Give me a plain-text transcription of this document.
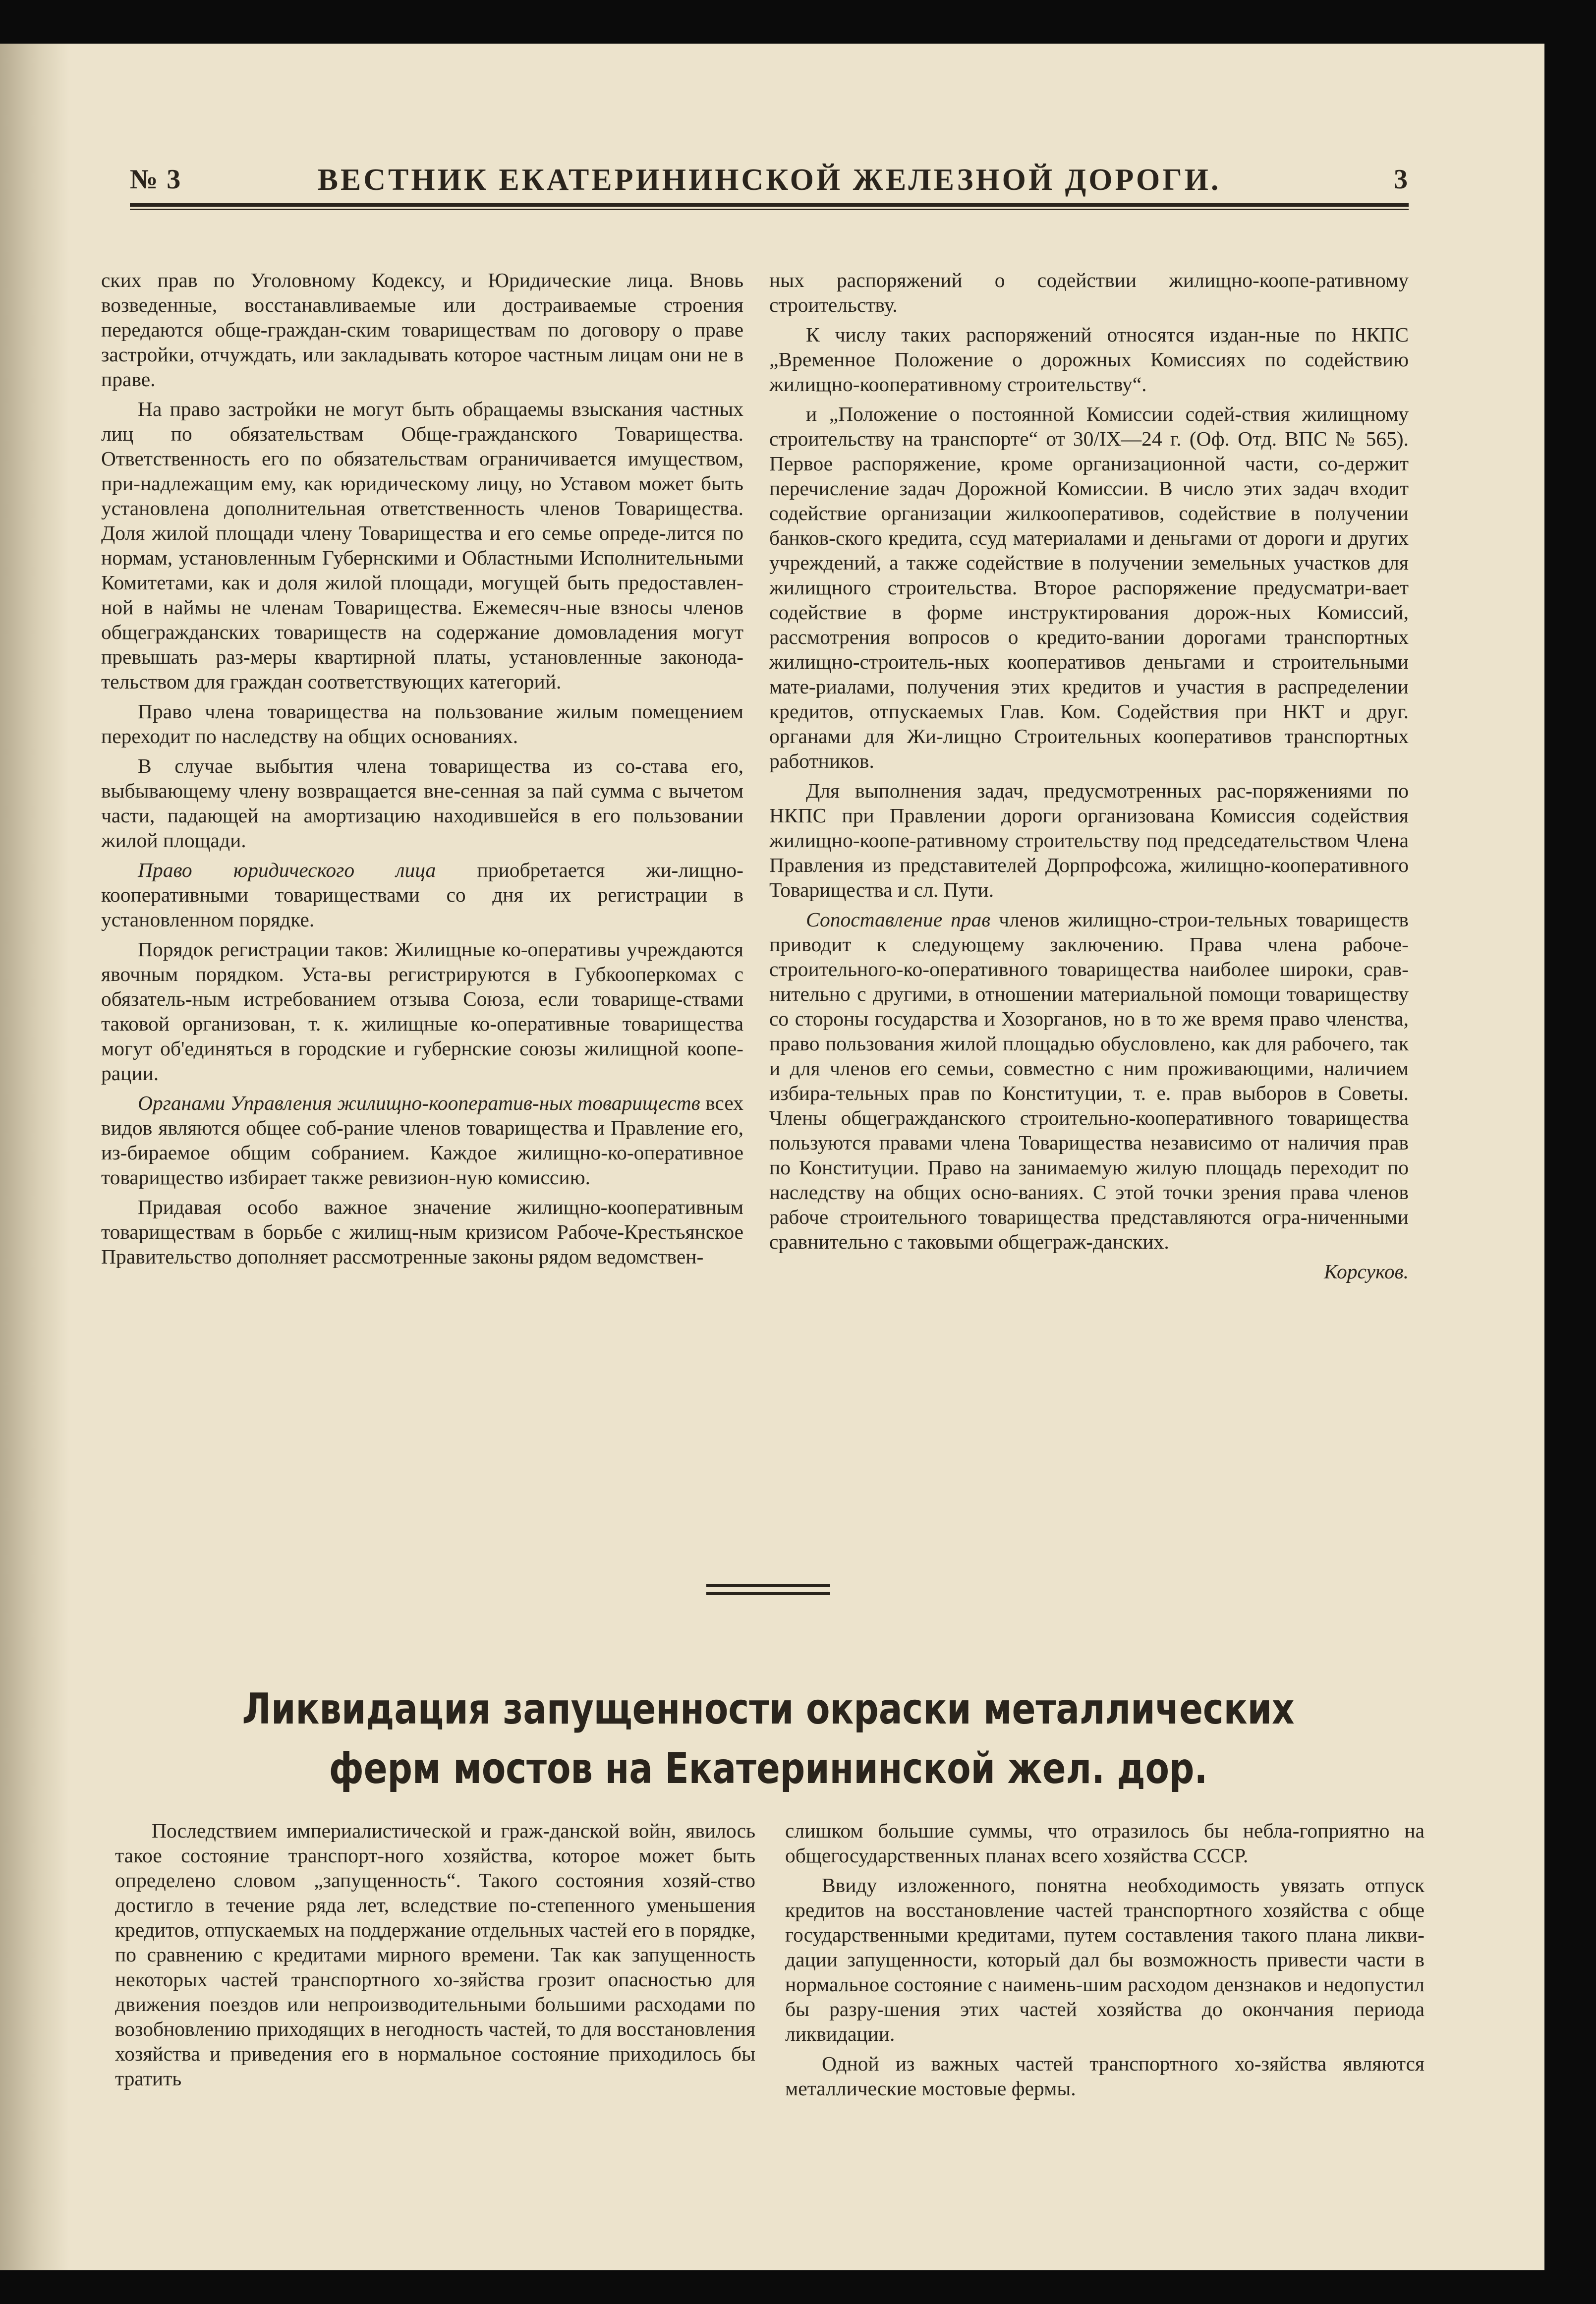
№ 3	ВЕСТНИК ЕКАТЕРИНИНСКОЙ ЖЕЛЕЗНОЙ ДОРОГИ.	3

ских прав по Уголовному Кодексу, и Юридические лица. Вновь возведенные, восстанавливаемые или достраиваемые строения передаются обще-граждан-ским товариществам по договору о праве застройки, отчуждать, или закладывать которое частным лицам они не в праве.

На право застройки не могут быть обращаемы взыскания частных лиц по обязательствам Обще-гражданского Товарищества. Ответственность его по обязательствам ограничивается имуществом, при-надлежащим ему, как юридическому лицу, но Уставом может быть установлена дополнительная ответственность членов Товарищества. Доля жилой площади члену Товарищества и его семье опреде-лится по нормам, установленным Губернскими и Областными Исполнительными Комитетами, как и доля жилой площади, могущей быть предоставлен-ной в наймы не членам Товарищества. Ежемесяч-ные взносы членов общегражданских товариществ на содержание домовладения могут превышать раз-меры квартирной платы, установленные законода-тельством для граждан соответствующих категорий.

Право члена товарищества на пользование жилым помещением переходит по наследству на общих основаниях.

В случае выбытия члена товарищества из со-става его, выбывающему члену возвращается вне-сенная за пай сумма с вычетом части, падающей на амортизацию находившейся в его пользовании жилой площади.

Право юридического лица приобретается жи-лищно-кооперативными товариществами со дня их регистрации в установленном порядке.

Порядок регистрации таков: Жилищные ко-оперативы учреждаются явочным порядком. Уста-вы регистрируются в Губкооперкомах с обязатель-ным истребованием отзыва Союза, если товарище-ствами таковой организован, т. к. жилищные ко-оперативные товарищества могут об'единяться в городские и губернские союзы жилищной коопе-рации.

Органами Управления жилищно-кооператив-ных товариществ всех видов являются общее соб-рание членов товарищества и Правление его, из-бираемое общим собранием. Каждое жилищно-ко-оперативное товарищество избирает также ревизион-ную комиссию.

Придавая особо важное значение жилищно-кооперативным товариществам в борьбе с жилищ-ным кризисом Рабоче-Крестьянское Правительство дополняет рассмотренные законы рядом ведомствен-

ных распоряжений о содействии жилищно-коопе-ративному строительству.

К числу таких распоряжений относятся издан-ные по НКПС „Временное Положение о дорожных Комиссиях по содействию жилищно-кооперативному строительству“.

и „Положение о постоянной Комиссии содей-ствия жилищному строительству на транспорте“ от 30/IX—24 г. (Оф. Отд. ВПС № 565). Первое распоряжение, кроме организационной части, со-держит перечисление задач Дорожной Комиссии. В число этих задач входит содействие организации жилкооперативов, содействие в получении банков-ского кредита, ссуд материалами и деньгами от дороги и других учреждений, а также содействие в получении земельных участков для жилищного строительства. Второе распоряжение предусматри-вает содействие в форме инструктирования дорож-ных Комиссий, рассмотрения вопросов о кредито-вании дорогами транспортных жилищно-строитель-ных кооперативов деньгами и строительными мате-риалами, получения этих кредитов и участия в распределении кредитов, отпускаемых Глав. Ком. Содействия при НКТ и друг. органами для Жи-лищно Строительных кооперативов транспортных работников.

Для выполнения задач, предусмотренных рас-поряжениями по НКПС при Правлении дороги организована Комиссия содействия жилищно-коопе-ративному строительству под председательством Члена Правления из представителей Дорпрофсожа, жилищно-кооперативного Товарищества и сл. Пути.

Сопоставление прав членов жилищно-строи-тельных товариществ приводит к следующему заключению. Права члена рабоче-строительного-ко-оперативного товарищества наиболее широки, срав-нительно с другими, в отношении материальной помощи товариществу со стороны государства и Хозорганов, но в то же время право членства, право пользования жилой площадью обусловлено, как для рабочего, так и для членов его семьи, совместно с ним проживающими, наличием избира-тельных прав по Конституции, т. е. прав выборов в Советы. Члены общегражданского строительно-кооперативного товарищества пользуются правами члена Товарищества независимо от наличия прав по Конституции. Право на занимаемую жилую площадь переходит по наследству на общих осно-ваниях. С этой точки зрения права членов рабоче строительного товарищества представляются огра-ниченными сравнительно с таковыми общеграж-данских.

Корсуков.

Ликвидация запущенности окраски металлических ферм мостов на Екатерининской жел. дор.

Последствием империалистической и граж-данской войн, явилось такое состояние транспорт-ного хозяйства, которое может быть определено словом „запущенность“. Такого состояния хозяй-ство достигло в течение ряда лет, вследствие по-степенного уменьшения кредитов, отпускаемых на поддержание отдельных частей его в порядке, по сравнению с кредитами мирного времени. Так как запущенность некоторых частей транспортного хо-зяйства грозит опасностью для движения поездов или непроизводительными большими расходами по возобновлению приходящих в негодность частей, то для восстановления хозяйства и приведения его в нормальное состояние приходилось бы тратить

слишком большие суммы, что отразилось бы небла-гоприятно на общегосударственных планах всего хозяйства СССР.

Ввиду изложенного, понятна необходимость увязать отпуск кредитов на восстановление частей транспортного хозяйства с обще государственными кредитами, путем составления такого плана ликви-дации запущенности, который дал бы возможность привести части в нормальное состояние с наимень-шим расходом дензнаков и недопустил бы разру-шения этих частей хозяйства до окончания периода ликвидации.

Одной из важных частей транспортного хо-зяйства являются металлические мостовые фермы.
